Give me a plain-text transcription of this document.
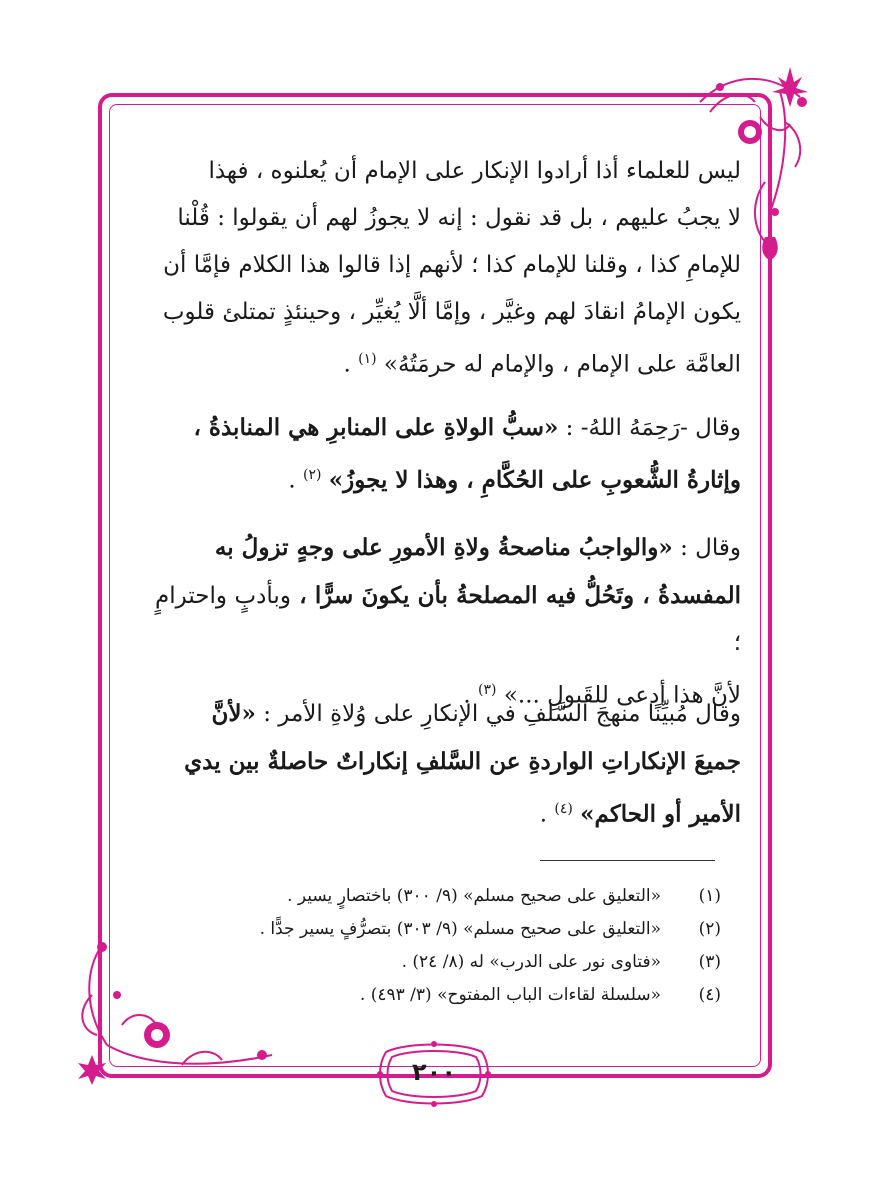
ليس للعلماء أذا أرادوا الإنكار على الإمام أن يُعلنوه ، فهذا

لا يجبُ عليهم ، بل قد نقول : إنه لا يجوزُ لهم أن يقولوا : قُلْنا

للإمامِ كذا ، وقلنا للإمام كذا ؛ لأنهم إذا قالوا هذا الكلام فإمَّا أن

يكون الإمامُ انقادَ لهم وغيَّر ، وإمَّا ألَّا يُغيِّر ، وحينئذٍ تمتلئ قلوب

العامَّة على الإمام ، والإمام له حرمَتُهُ» $^{(١)}$ .

وقال -رَحِمَهُ اللهُ- : «سبُّ الولاةِ على المنابرِ هي المنابذةُ ،

وإثارةُ الشُّعوبِ على الحُكَّامِ ، وهذا لا يجوزُ» $^{(٢)}$ .

وقال : «والواجبُ مناصحةُ ولاةِ الأمورِ على وجهٍ تزولُ به

المفسدةُ ، وتَحُلُّ فيه المصلحةُ بأن يكونَ سرًّا ، وبأدبٍ واحترامٍ ؛

لأنَّ هذا أدعى للقَبولِ ...» $^{(٣)}$ .

وقال مُبيِّنًا منهجَ السَّلفِ في الإنكارِ على وُلاةِ الأمر : «لأنَّ

جميعَ الإنكاراتِ الواردةِ عن السَّلفِ إنكاراتٌ حاصلةٌ بين يدي

الأمير أو الحاكم» $^{(٤)}$ .

(١)
«التعليق على صحيح مسلم» (٩/ ٣٠٠) باختصارٍ يسير .
(٢)
«التعليق على صحيح مسلم» (٩/ ٣٠٣) بتصرُّفٍ يسير جدًّا .
(٣)
«فتاوى نور على الدرب» له (٨/ ٢٤) .
(٤)
«سلسلة لقاءات الباب المفتوح» (٣/ ٤٩٣) .
٢٠٠
